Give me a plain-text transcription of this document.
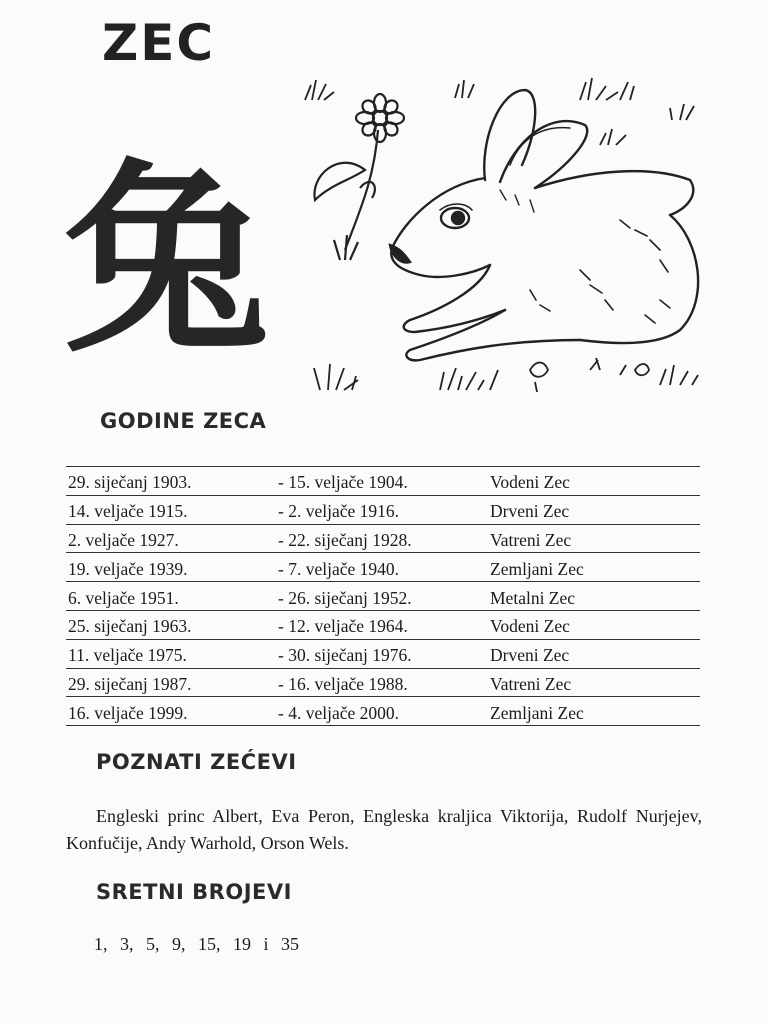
ZEC
兔
GODINE ZECA
29. siječanj 1903.	- 15. veljače 1904.	Vodeni Zec
14. veljače 1915.	- 2. veljače 1916.	Drveni Zec
2. veljače 1927.	- 22. siječanj 1928.	Vatreni Zec
19. veljače 1939.	- 7. veljače 1940.	Zemljani Zec
6. veljače 1951.	- 26. siječanj 1952.	Metalni Zec
25. siječanj 1963.	- 12. veljače 1964.	Vodeni Zec
11. veljače 1975.	- 30. siječanj 1976.	Drveni Zec
29. siječanj 1987.	- 16. veljače 1988.	Vatreni Zec
16. veljače 1999.	- 4. veljače 2000.	Zemljani Zec
POZNATI ZEĆEVI
Engleski princ Albert, Eva Peron, Engleska kraljica Viktorija, Rudolf Nurjejev, Konfučije, Andy Warhold, Orson Wels.
SRETNI BROJEVI
1, 3, 5, 9, 15, 19 i 35
